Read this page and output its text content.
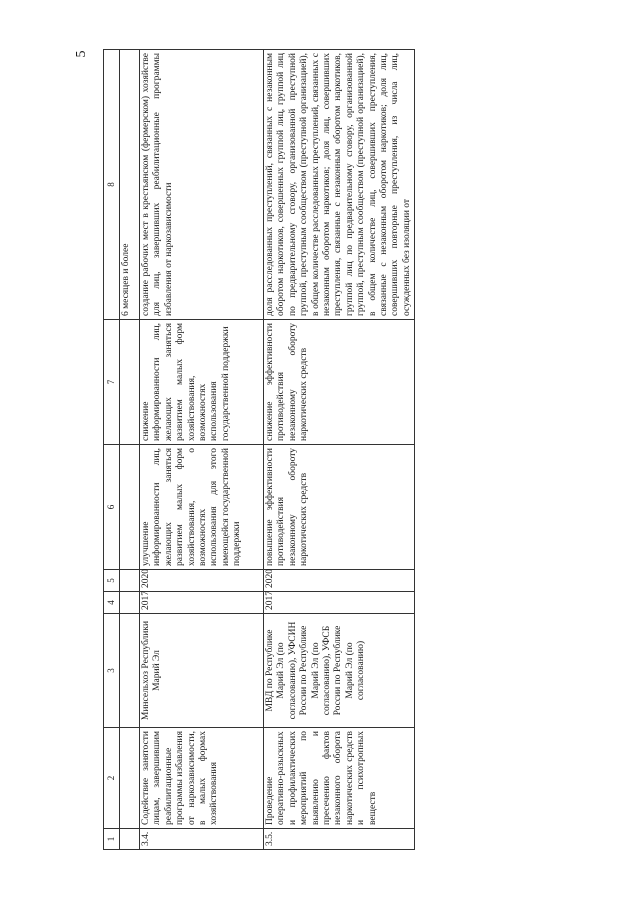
5
1	2	3	4	5	6	7	8
							6 месяцев и более
3.4.	Содействие занятости лицам, завершившим реабилитационные программы избавления от наркозависимости, в малых формах хозяйствования	Минсельхоз Республики Марий Эл	2017	2020	улучшение информированности лиц, желающих заняться развитием малых форм хозяйствования, о возможностях использования для этого имеющейся государственной поддержки	снижение информированности лиц, желающих заняться развитием малых форм хозяйствования, возможностях использования государственной поддержки	создание рабочих мест в крестьянском (фермерском) хозяйстве для лиц, завершивших реабилитационные программы избавления от наркозависимости
3.5.	Проведение оперативно-разыскных и профилактических мероприятий по выявлению и пресечению фактов незаконного оборота наркотических средств и психотропных веществ	МВД по Республике Марий Эл (по согласованию), УФСИН России по Республике Марий Эл (по согласованию), УФСБ России по Республике Марий Эл (по согласованию)	2017	2020	повышение эффективности противодействия незаконному обороту наркотических средств	снижение эффективности противодействия незаконному обороту наркотических средств	доля расследованных преступлений, связанных с незаконным оборотом наркотиков, совершенных группой лиц, группой лиц по предварительному сговору, организованной преступной группой, преступным сообществом (преступной организацией), в общем количестве расследованных преступлений, связанных с незаконным оборотом наркотиков; доля лиц, совершивших преступления, связанные с незаконным оборотом наркотиков, группой лиц по предварительному сговору, организованной группой, преступным сообществом (преступной организацией), в общем количестве лиц, совершивших преступления, связанные с незаконным оборотом наркотиков; доля лиц, совершивших повторные преступления, из числа лиц, осужденных без изоляции от
